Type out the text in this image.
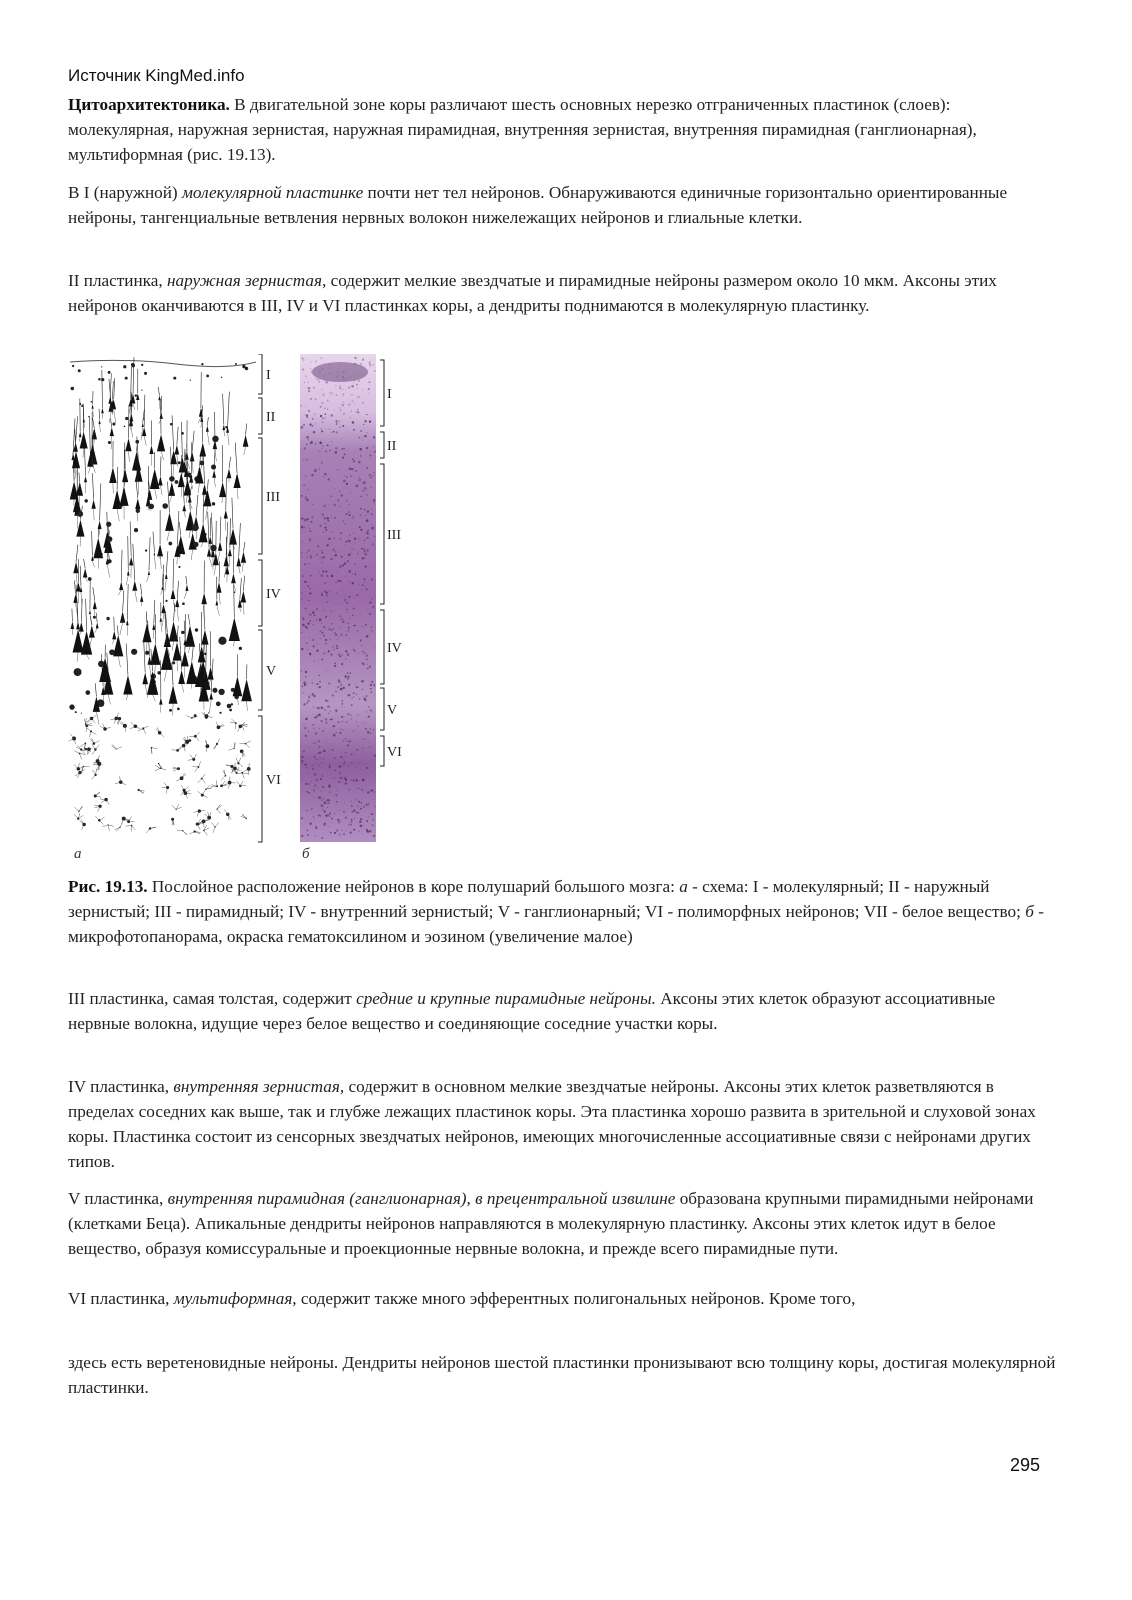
Источник KingMed.info

Цитоархитектоника. В двигательной зоне коры различают шесть основных нерезко отграниченных пластинок (слоев): молекулярная, наружная зернистая, наружная пирамидная, внутренняя зернистая, внутренняя пирамидная (ганглионарная), мультиформная (рис. 19.13).

В I (наружной) молекулярной пластинке почти нет тел нейронов. Обнаруживаются единичные горизонтально ориентированные нейроны, тангенциальные ветвления нервных волокон нижележащих нейронов и глиальные клетки.

II пластинка, наружная зернистая, содержит мелкие звездчатые и пирамидные нейроны размером около 10 мкм. Аксоны этих нейронов оканчиваются в III, IV и VI пластинках коры, а дендриты поднимаются в молекулярную пластинку.

I
II
III
IV
V
VI
а
I
II
III
IV
V
VI
б

Рис. 19.13. Послойное расположение нейронов в коре полушарий большого мозга: а - схема: I - молекулярный; II - наружный зернистый; III - пирамидный; IV - внутренний зернистый; V - ганглионарный; VI - полиморфных нейронов; VII - белое вещество; б - микрофотопанорама, окраска гематоксилином и эозином (увеличение малое)

III пластинка, самая толстая, содержит средние и крупные пирамидные нейроны. Аксоны этих клеток образуют ассоциативные нервные волокна, идущие через белое вещество и соединяющие соседние участки коры.

IV пластинка, внутренняя зернистая, содержит в основном мелкие звездчатые нейроны. Аксоны этих клеток разветвляются в пределах соседних как выше, так и глубже лежащих пластинок коры. Эта пластинка хорошо развита в зрительной и слуховой зонах коры. Пластинка состоит из сенсорных звездчатых нейронов, имеющих многочисленные ассоциативные связи с нейронами других типов.

V пластинка, внутренняя пирамидная (ганглионарная), в прецентральной извилине образована крупными пирамидными нейронами (клетками Беца). Апикальные дендриты нейронов направляются в молекулярную пластинку. Аксоны этих клеток идут в белое вещество, образуя комиссуральные и проекционные нервные волокна, и прежде всего пирамидные пути.

VI пластинка, мультиформная, содержит также много эфферентных полигональных нейронов. Кроме того,

здесь есть веретеновидные нейроны. Дендриты нейронов шестой пластинки пронизывают всю толщину коры, достигая молекулярной пластинки.

295
